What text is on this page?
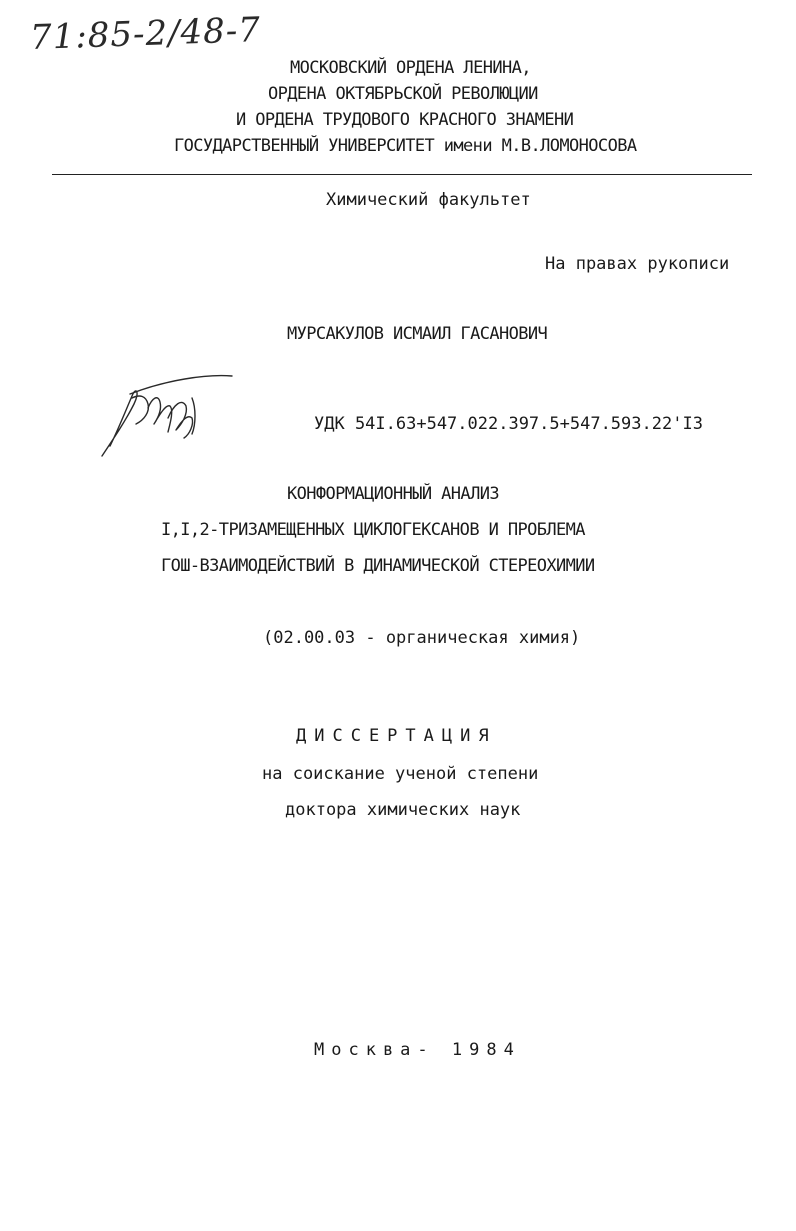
71:85-2/48-7
МОСКОВСКИЙ ОРДЕНА ЛЕНИНА,
ОРДЕНА ОКТЯБРЬСКОЙ РЕВОЛЮЦИИ
И ОРДЕНА ТРУДОВОГО КРАСНОГО ЗНАМЕНИ
ГОСУДАРСТВЕННЫЙ УНИВЕРСИТЕТ имени М.В.ЛОМОНОСОВА
Химический факультет
На правах рукописи
МУРСАКУЛОВ ИСМАИЛ ГАСАНОВИЧ
УДК 54I.63+547.022.397.5+547.593.22'I3
КОНФОРМАЦИОННЫЙ АНАЛИЗ
I,I,2-ТРИЗАМЕЩЕННЫХ ЦИКЛОГЕКСАНОВ И ПРОБЛЕМА
ГОШ-ВЗАИМОДЕЙСТВИЙ В ДИНАМИЧЕСКОЙ СТЕРЕОХИМИИ
(02.00.03 - органическая химия)
ДИССЕРТАЦИЯ
на соискание ученой степени
доктора химических наук
Москва- 1984
